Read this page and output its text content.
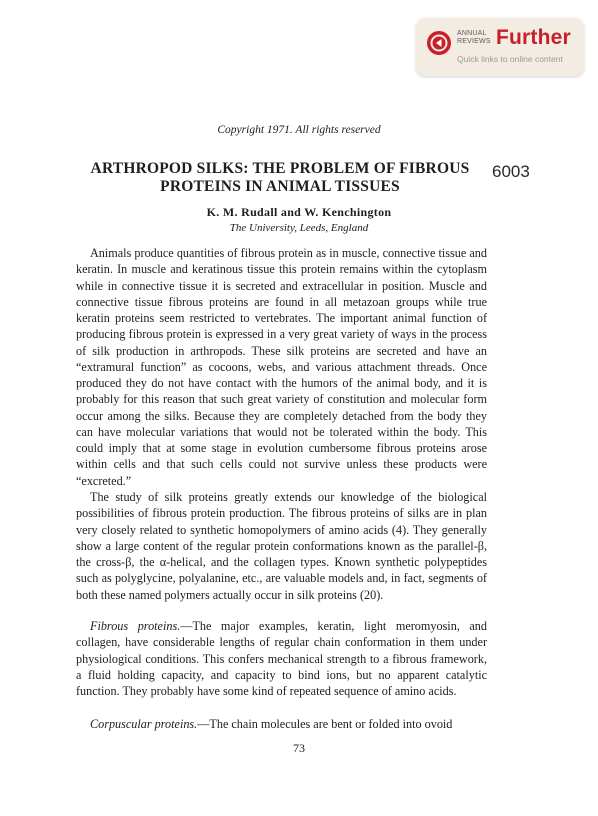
ANNUAL
REVIEWS Further
Quick links to online content
Copyright 1971. All rights reserved
ARTHROPOD SILKS: THE PROBLEM OF FIBROUS
PROTEINS IN ANIMAL TISSUES
6003
K. M. Rudall and W. Kenchington
The University, Leeds, England

Animals produce quantities of fibrous protein as in muscle, connective tissue and keratin. In muscle and keratinous tissue this protein remains within the cytoplasm while in connective tissue it is secreted and extracellular in position. Muscle and connective tissue fibrous proteins are found in all metazoan groups while true keratin proteins seem restricted to vertebrates. The important animal function of producing fibrous protein is expressed in a very great variety of ways in the process of silk production in arthropods. These silk proteins are secreted and have an “extramural function” as cocoons, webs, and various attachment threads. Once produced they do not have contact with the humors of the animal body, and it is probably for this reason that such great variety of constitution and molecular form occur among the silks. Because they are completely detached from the body they can have molecular variations that would not be tolerated within the body. This could imply that at some stage in evolution cumbersome fibrous proteins arose within cells and that such cells could not survive unless these products were “excreted.”

The study of silk proteins greatly extends our knowledge of the biological possibilities of fibrous protein production. The fibrous proteins of silks are in plan very closely related to synthetic homopolymers of amino acids (4). They generally show a large content of the regular protein conformations known as the parallel-β, the cross-β, the α-helical, and the collagen types. Known synthetic polypeptides such as polyglycine, polyalanine, etc., are valuable models and, in fact, segments of both these named polymers actually occur in silk proteins (20).

Fibrous proteins.—The major examples, keratin, light meromyosin, and collagen, have considerable lengths of regular chain conformation in them under physiological conditions. This confers mechanical strength to a fibrous framework, a fluid holding capacity, and capacity to bind ions, but no apparent catalytic function. They probably have some kind of repeated sequence of amino acids.

Corpuscular proteins.—The chain molecules are bent or folded into ovoid

73
